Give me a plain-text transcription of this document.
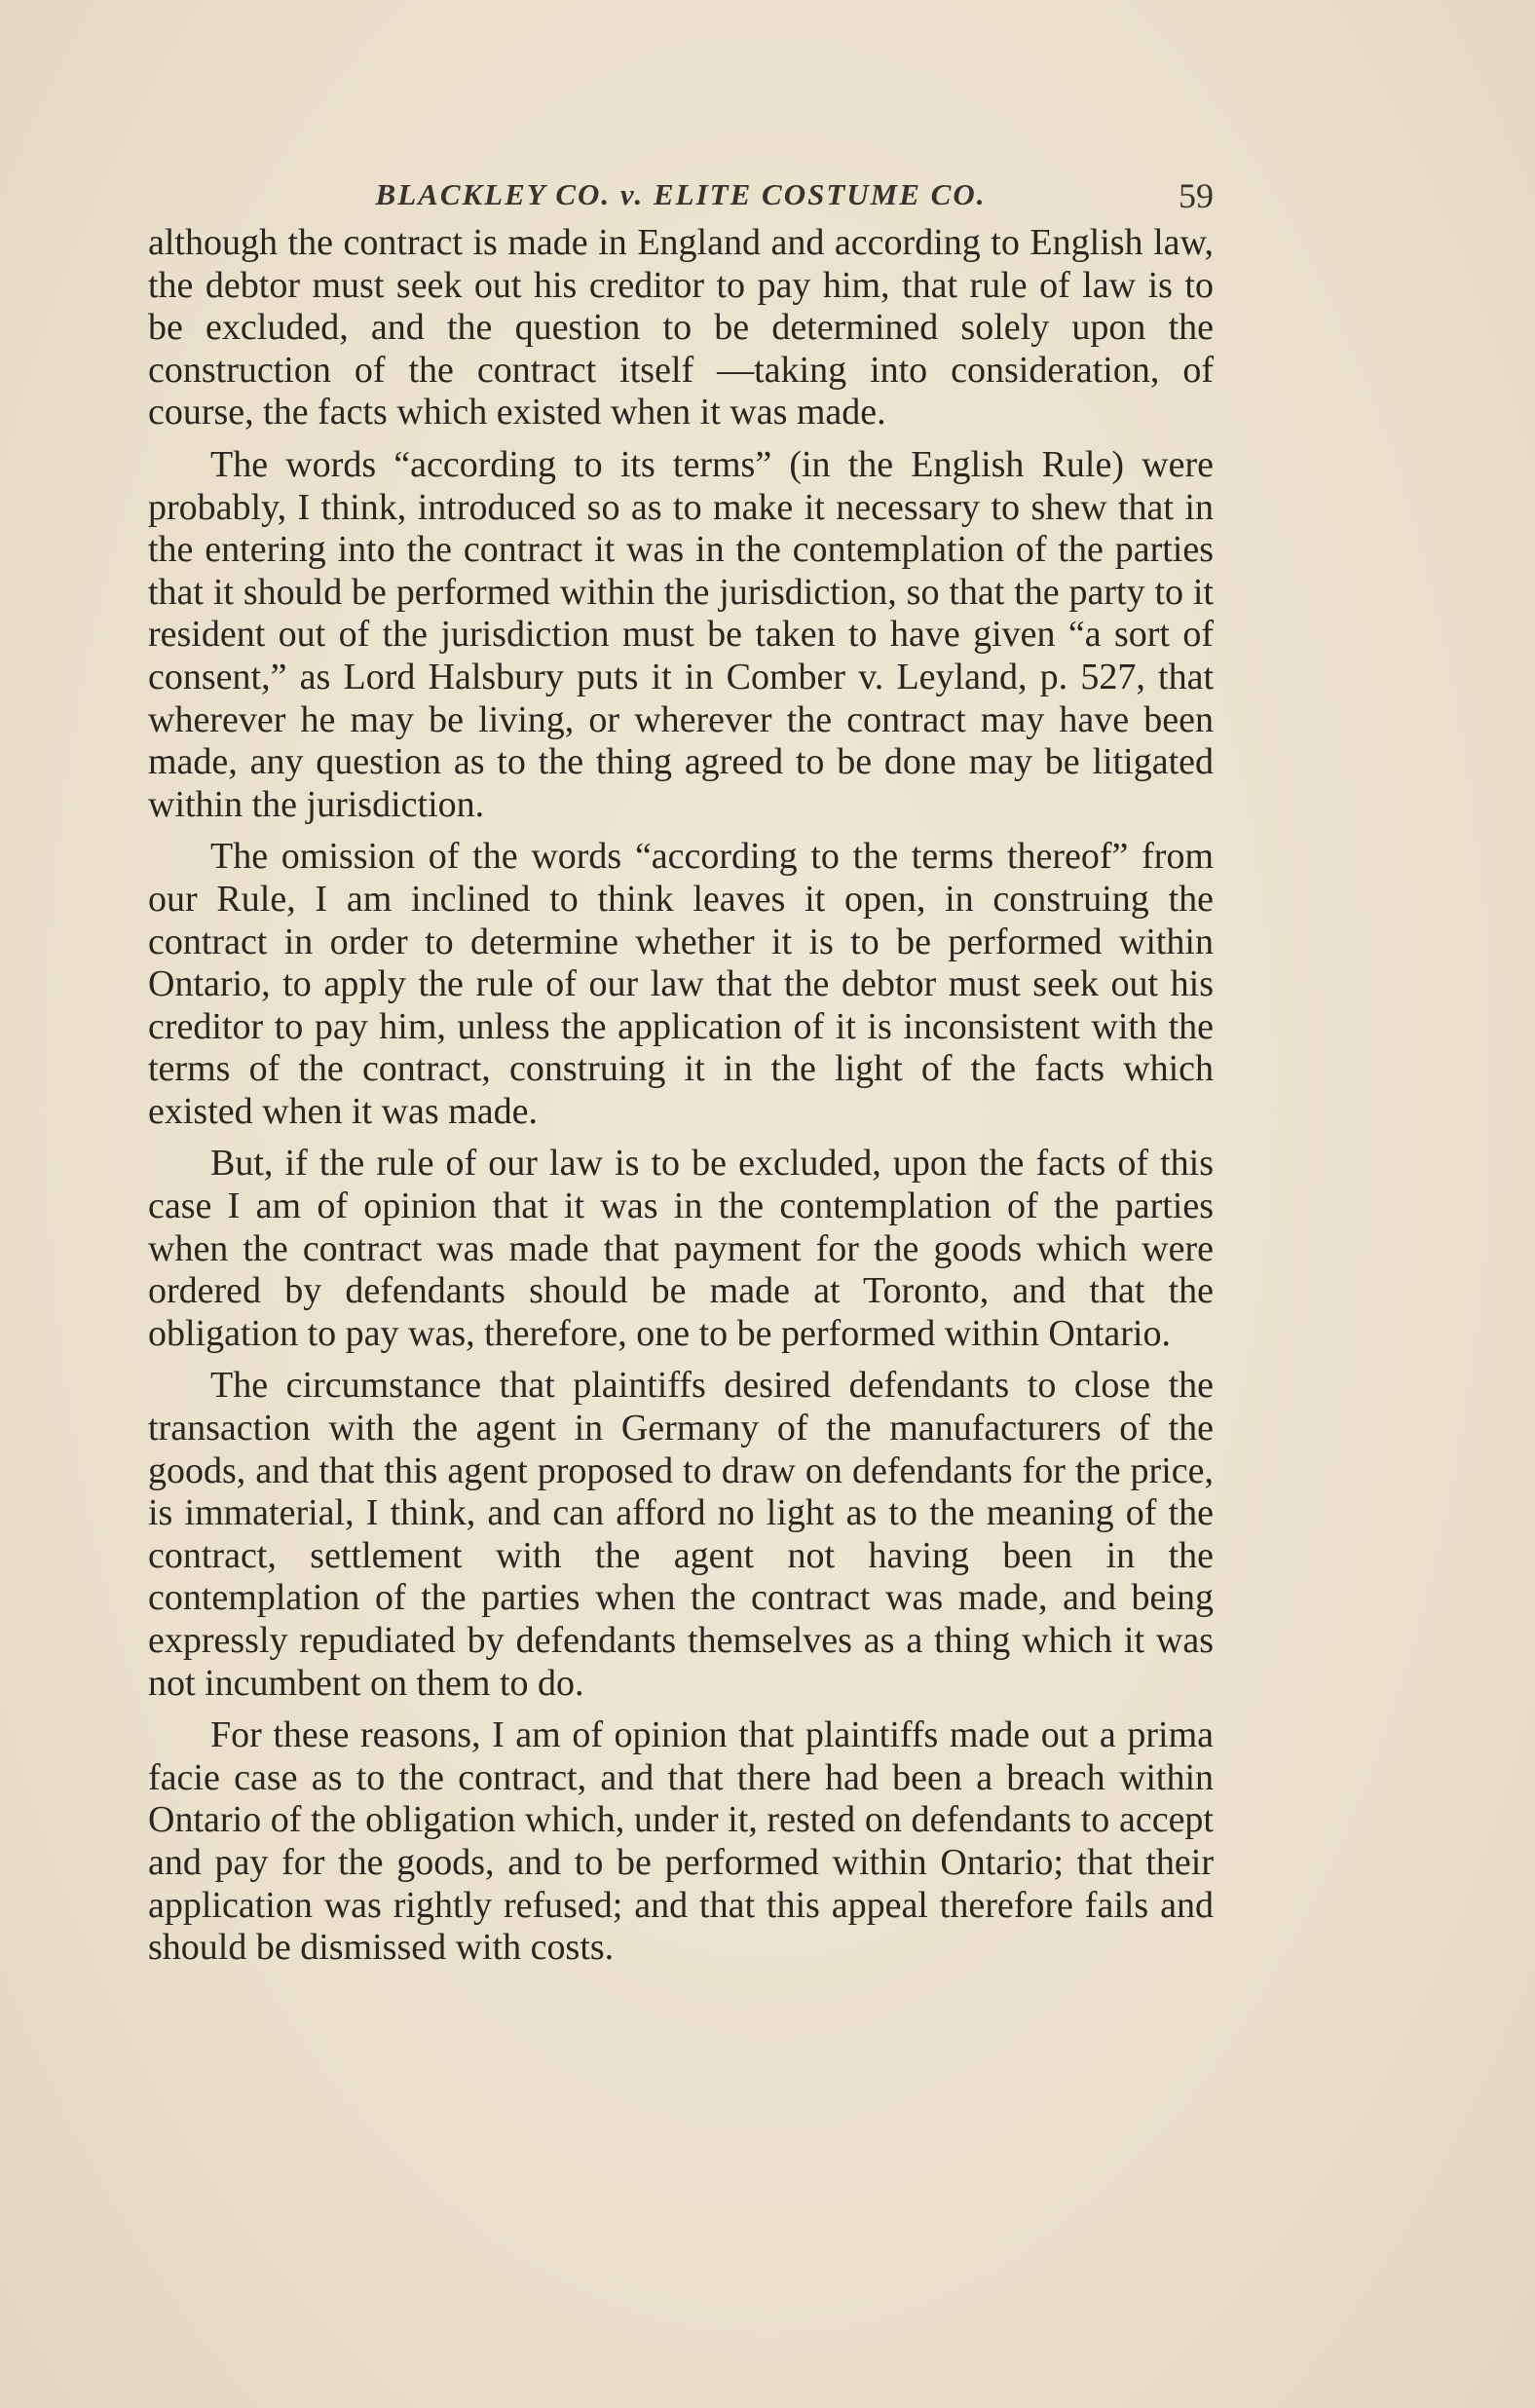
BLACKLEY CO. v. ELITE COSTUME CO.	59

although the contract is made in England and according to English law, the debtor must seek out his creditor to pay him, that rule of law is to be excluded, and the question to be determined solely upon the construction of the contract itself —taking into consideration, of course, the facts which existed when it was made.

The words “according to its terms” (in the English Rule) were probably, I think, introduced so as to make it necessary to shew that in the entering into the contract it was in the contemplation of the parties that it should be performed within the jurisdiction, so that the party to it resident out of the jurisdiction must be taken to have given “a sort of consent,” as Lord Halsbury puts it in Comber v. Leyland, p. 527, that wherever he may be living, or wherever the contract may have been made, any question as to the thing agreed to be done may be litigated within the jurisdiction.

The omission of the words “according to the terms thereof” from our Rule, I am inclined to think leaves it open, in construing the contract in order to determine whether it is to be performed within Ontario, to apply the rule of our law that the debtor must seek out his creditor to pay him, unless the application of it is inconsistent with the terms of the contract, construing it in the light of the facts which existed when it was made.

But, if the rule of our law is to be excluded, upon the facts of this case I am of opinion that it was in the contemplation of the parties when the contract was made that payment for the goods which were ordered by defendants should be made at Toronto, and that the obligation to pay was, therefore, one to be performed within Ontario.

The circumstance that plaintiffs desired defendants to close the transaction with the agent in Germany of the manufacturers of the goods, and that this agent proposed to draw on defendants for the price, is immaterial, I think, and can afford no light as to the meaning of the contract, settlement with the agent not having been in the contemplation of the parties when the contract was made, and being expressly repudiated by defendants themselves as a thing which it was not incumbent on them to do.

For these reasons, I am of opinion that plaintiffs made out a prima facie case as to the contract, and that there had been a breach within Ontario of the obligation which, under it, rested on defendants to accept and pay for the goods, and to be performed within Ontario; that their application was rightly refused; and that this appeal therefore fails and should be dismissed with costs.
